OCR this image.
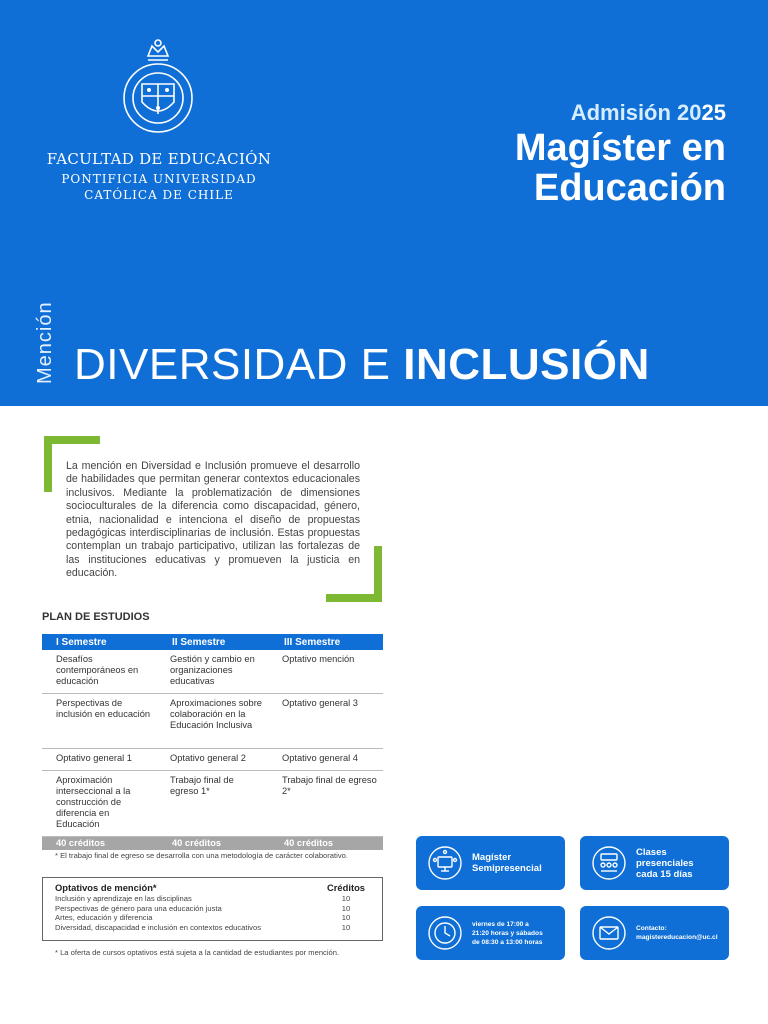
FACULTAD DE EDUCACIÓN
PONTIFICIA UNIVERSIDAD
CATÓLICA DE CHILE
Admisión 2025
Magíster en Educación
Mención DIVERSIDAD E INCLUSIÓN

La mención en Diversidad e Inclusión promueve el desarrollo de habilidades que permitan generar contextos educacionales inclusivos. Mediante la problematización de dimensiones socioculturales de la diferencia como discapacidad, género, etnia, nacionalidad e intenciona el diseño de propuestas pedagógicas interdisciplinarias de inclusión. Estas propuestas contemplan un trabajo participativo, utilizan las fortalezas de las instituciones educativas y promueven la justicia en educación.

PLAN DE ESTUDIOS
I Semestre	II Semestre	III Semestre
Desafíos contemporáneos en educación	Gestión y cambio en organizaciones educativas	Optativo mención
Perspectivas de inclusión en educación	Aproximaciones sobre colaboración en la Educación Inclusiva	Optativo general 3
Optativo general 1	Optativo general 2	Optativo general 4
Aproximación interseccional a la construcción de diferencia en Educación	Trabajo final de egreso 1*	Trabajo final de egreso 2*
40 créditos	40 créditos	40 créditos
* El trabajo final de egreso se desarrolla con una metodología de carácter colaborativo.
Optativos de mención*	Créditos
Inclusión y aprendizaje en las disciplinas	10
Perspectivas de género para una educación justa	10
Artes, educación y diferencia	10
Diversidad, discapacidad e inclusión en contextos educativos	10
* La oferta de cursos optativos está sujeta a la cantidad de estudiantes por mención.
Magíster
Semipresencial
Clases
presenciales
cada 15 días
viernes de 17:00 a
21:20 horas y sábados
de 08:30 a 13:00 horas
Contacto:
magistereducacion@uc.cl
